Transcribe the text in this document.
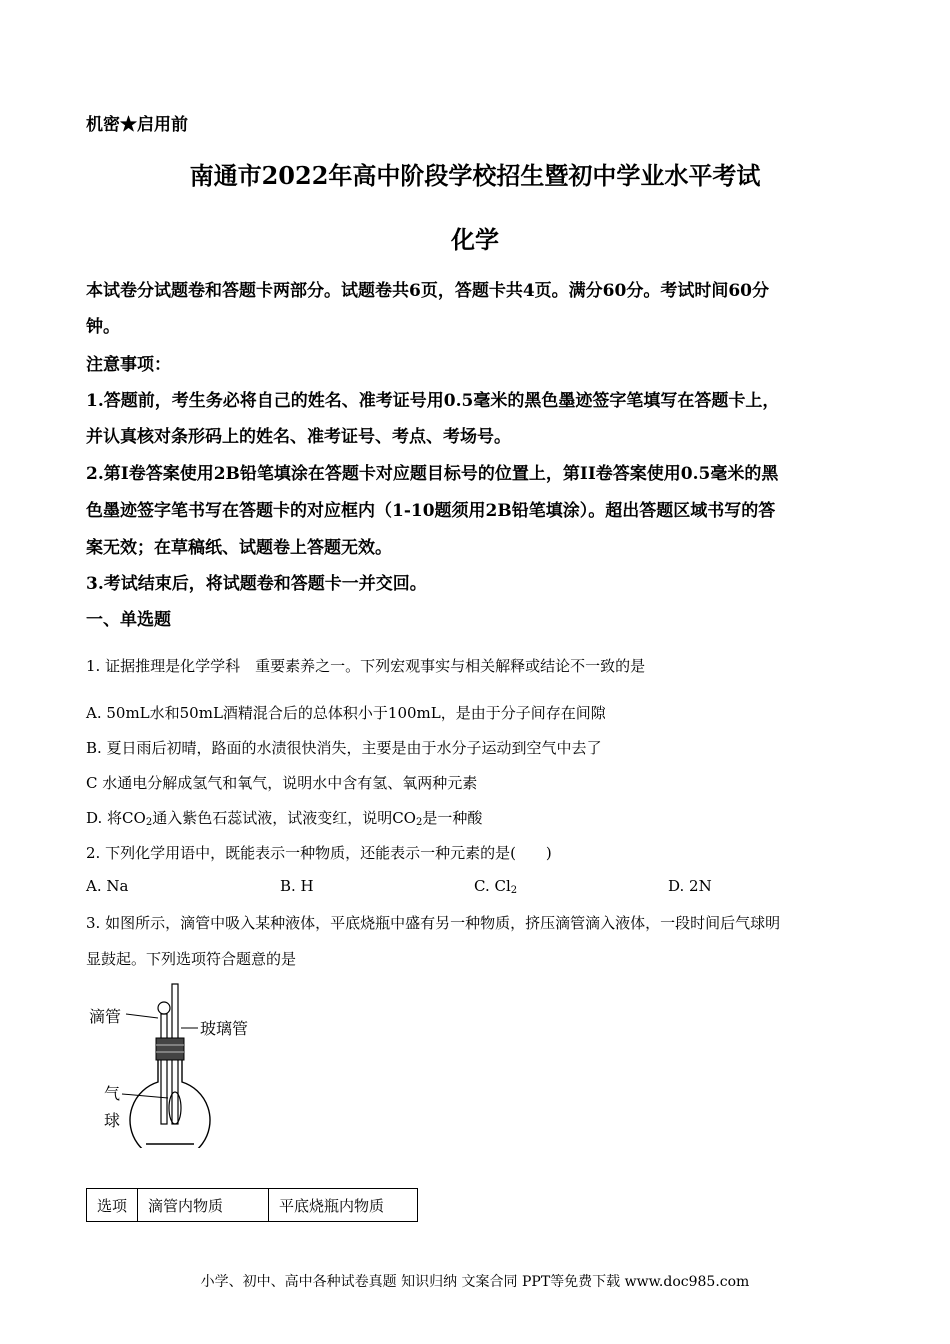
机密★启用前
南通市2022年高中阶段学校招生暨初中学业水平考试
化学
本试卷分试题卷和答题卡两部分。试题卷共6页，答题卡共4页。满分60分。考试时间60分
钟。
注意事项：
1.答题前，考生务必将自己的姓名、准考证号用0.5毫米的黑色墨迹签字笔填写在答题卡上，
并认真核对条形码上的姓名、准考证号、考点、考场号。
2.第I卷答案使用2B铅笔填涂在答题卡对应题目标号的位置上，第II卷答案使用0.5毫米的黑
色墨迹签字笔书写在答题卡的对应框内（1-10题须用2B铅笔填涂）。超出答题区域书写的答
案无效；在草稿纸、试题卷上答题无效。
3.考试结束后，将试题卷和答题卡一并交回。
一、单选题
1. 证据推理是化学学科　重要素养之一。下列宏观事实与相关解释或结论不一致的是
A. 50mL水和50mL酒精混合后的总体积小于100mL，是由于分子间存在间隙
B. 夏日雨后初晴，路面的水渍很快消失，主要是由于水分子运动到空气中去了
C 水通电分解成氢气和氧气，说明水中含有氢、氧两种元素
D. 将$CO_2$通入紫色石蕊试液，试液变红，说明$CO_2$是一种酸
2. 下列化学用语中，既能表示一种物质，还能表示一种元素的是(　　)
A. Na	B. H	C. $Cl_2$	D. 2N
3. 如图所示，滴管中吸入某种液体，平底烧瓶中盛有另一种物质，挤压滴管滴入液体，一段时间后气球明
显鼓起。下列选项符合题意的是
滴管
玻璃管
气
球
选项	滴管内物质	平底烧瓶内物质
小学、初中、高中各种试卷真题 知识归纳 文案合同 PPT等免费下载 www.doc985.com
